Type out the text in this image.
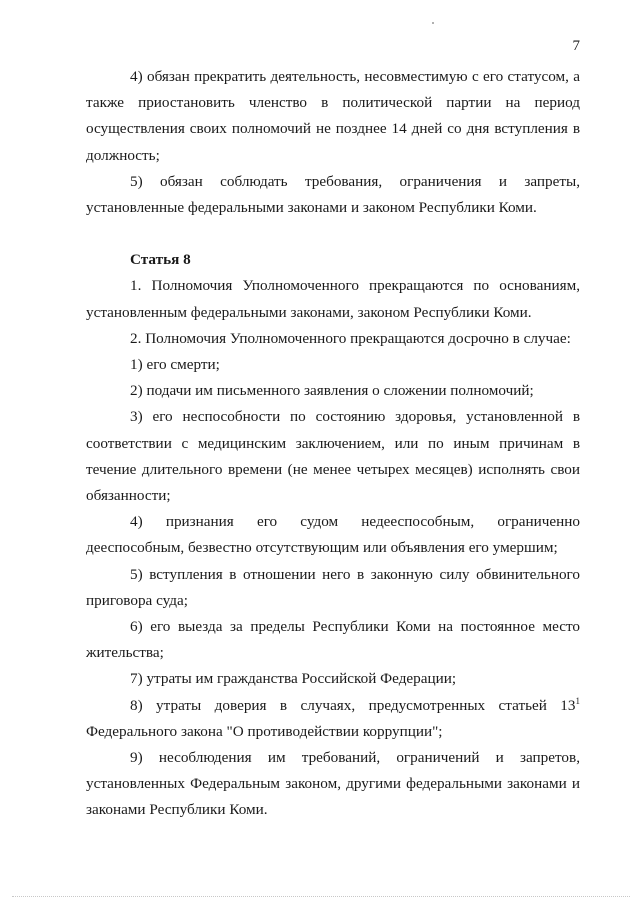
7

4) обязан прекратить деятельность, несовместимую с его статусом, а также приостановить членство в политической партии на период осуществления своих полномочий не позднее 14 дней со дня вступления в должность;

5) обязан соблюдать требования, ограничения и запреты, установленные федеральными законами и законом Республики Коми.

Статья 8

1. Полномочия Уполномоченного прекращаются по основаниям, установленным федеральными законами, законом Республики Коми.

2. Полномочия Уполномоченного прекращаются досрочно в случае:

1) его смерти;

2) подачи им письменного заявления о сложении полномочий;

3) его неспособности по состоянию здоровья, установленной в соответствии с медицинским заключением, или по иным причинам в течение длительного времени (не менее четырех месяцев) исполнять свои обязанности;

4) признания его судом недееспособным, ограниченно дееспособным, безвестно отсутствующим или объявления его умершим;

5) вступления в отношении него в законную силу обвинительного приговора суда;

6) его выезда за пределы Республики Коми на постоянное место жительства;

7) утраты им гражданства Российской Федерации;

8) утраты доверия в случаях, предусмотренных статьей $13^1$ Федерального закона "О противодействии коррупции";

9) несоблюдения им требований, ограничений и запретов, установленных Федеральным законом, другими федеральными законами и законами Республики Коми.
